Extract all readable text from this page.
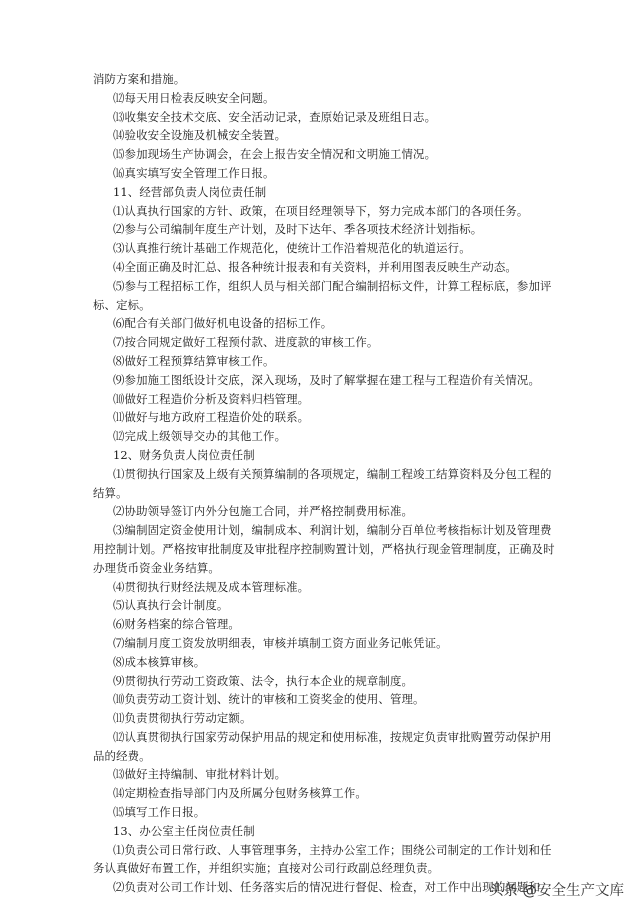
消防方案和措施。
⑿每天用日检表反映安全问题。
⒀收集安全技术交底、安全活动记录，查原始记录及班组日志。
⒁验收安全设施及机械安全装置。
⒂参加现场生产协调会，在会上报告安全情况和文明施工情况。
⒃真实填写安全管理工作日报。
11、经营部负责人岗位责任制
⑴认真执行国家的方针、政策，在项目经理领导下，努力完成本部门的各项任务。
⑵参与公司编制年度生产计划，及时下达年、季各项技术经济计划指标。
⑶认真推行统计基础工作规范化，使统计工作沿着规范化的轨道运行。
⑷全面正确及时汇总、报各种统计报表和有关资料，并利用图表反映生产动态。
⑸参与工程招标工作，组织人员与相关部门配合编制招标文件，计算工程标底，参加评标、定标。
⑹配合有关部门做好机电设备的招标工作。
⑺按合同规定做好工程预付款、进度款的审核工作。
⑻做好工程预算结算审核工作。
⑼参加施工图纸设计交底，深入现场，及时了解掌握在建工程与工程造价有关情况。
⑽做好工程造价分析及资料归档管理。
⑾做好与地方政府工程造价处的联系。
⑿完成上级领导交办的其他工作。
12、财务负责人岗位责任制
⑴贯彻执行国家及上级有关预算编制的各项规定，编制工程竣工结算资料及分包工程的结算。
⑵协助领导签订内外分包施工合同，并严格控制费用标准。
⑶编制固定资金使用计划，编制成本、利润计划，编制分百单位考核指标计划及管理费用控制计划。严格按审批制度及审批程序控制购置计划，严格执行现金管理制度，正确及时办理货币资金业务结算。
⑷贯彻执行财经法规及成本管理标准。
⑸认真执行会计制度。
⑹财务档案的综合管理。
⑺编制月度工资发放明细表，审核并填制工资方面业务记帐凭证。
⑻成本核算审核。
⑼贯彻执行劳动工资政策、法令，执行本企业的规章制度。
⑽负责劳动工资计划、统计的审核和工资奖金的使用、管理。
⑾负责贯彻执行劳动定额。
⑿认真贯彻执行国家劳动保护用品的规定和使用标准，按规定负责审批购置劳动保护用品的经费。
⒀做好主持编制、审批材料计划。
⒁定期检查指导部门内及所属分包财务核算工作。
⒂填写工作日报。
13、办公室主任岗位责任制
⑴负责公司日常行政、人事管理事务，主持办公室工作；围绕公司制定的工作计划和任务认真做好布置工作，并组织实施；直接对公司行政副总经理负责。
⑵负责对公司工作计划、任务落实后的情况进行督促、检查，对工作中出现的问题和
头条 @安全生产文库
